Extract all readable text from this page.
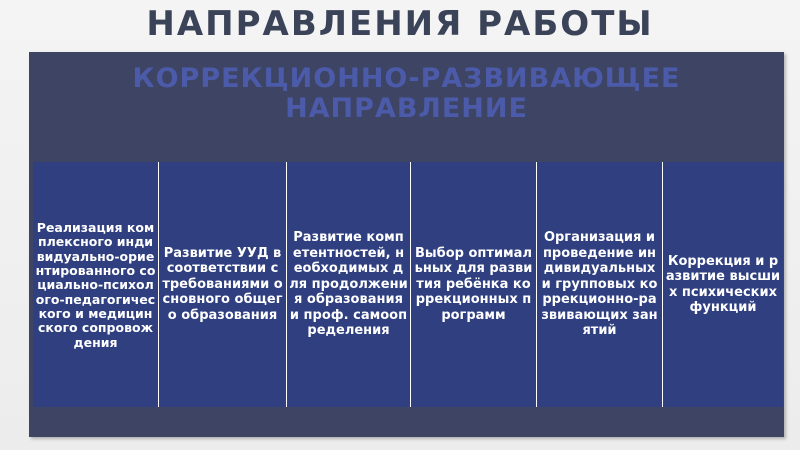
НАПРАВЛЕНИЯ РАБОТЫ
КОРРЕКЦИОННО-РАЗВИВАЮЩЕЕ
НАПРАВЛЕНИЕ
Реализация комплексного индивидуально-ориентированного социально-психолого-педагогического и медицинского сопровождения
Развитие УУД в соответствии с требованиями основного общего образования
Развитие компетентностей, необходимых для продолжения образования и проф. самоопределения
Выбор оптимальных для развития ребёнка коррекционных программ
Организация и проведение индивидуальных и групповых коррекционно-развивающих занятий
Коррекция и развитие высших психических функций
